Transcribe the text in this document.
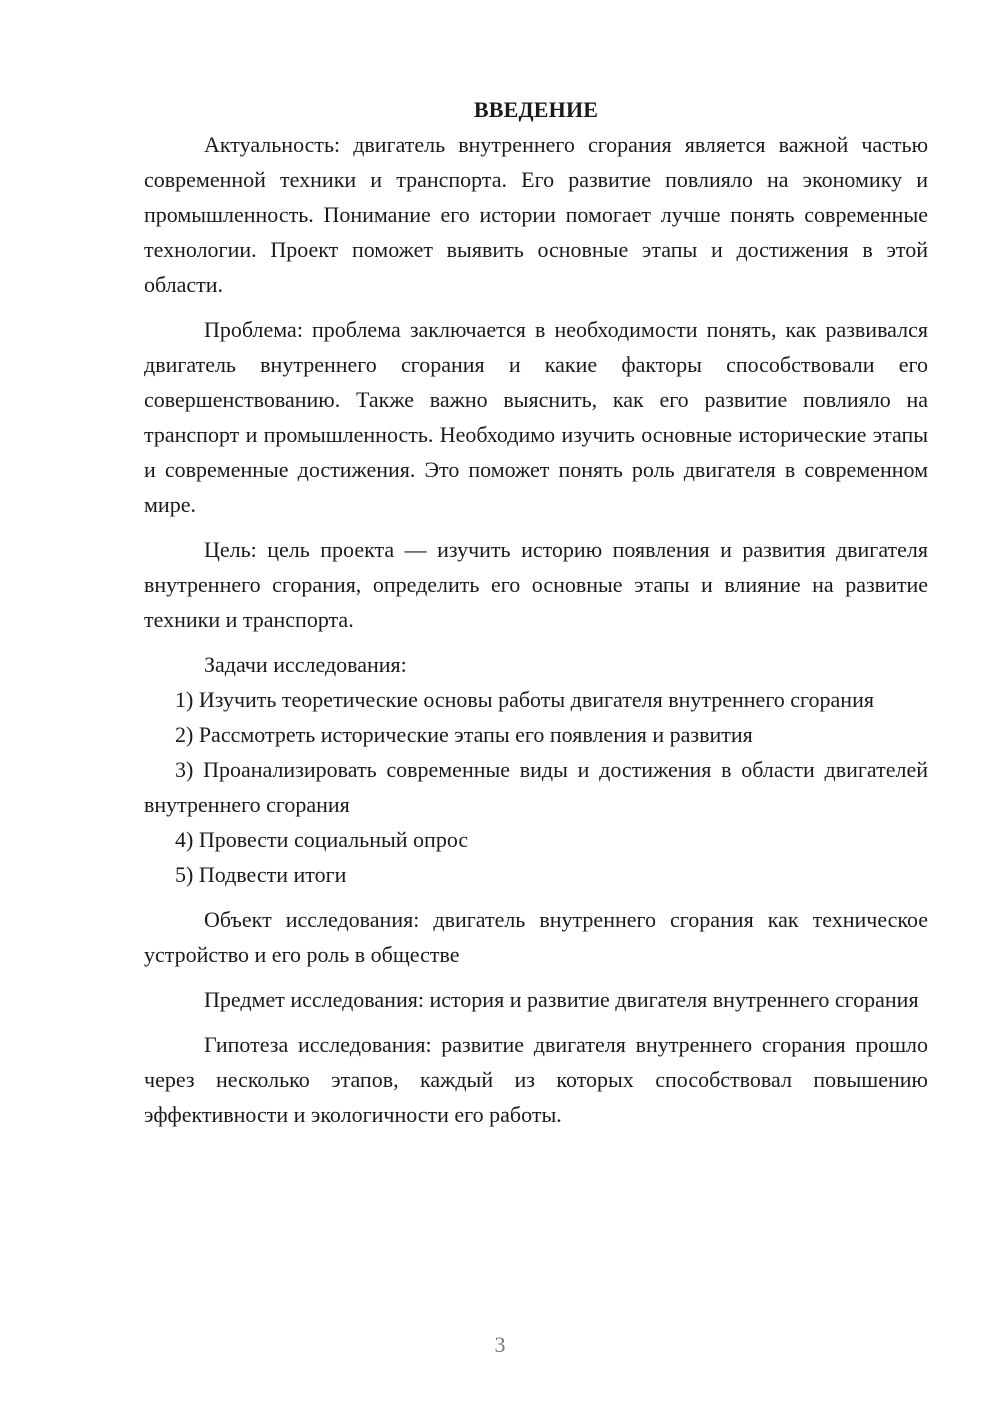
ВВЕДЕНИЕ

Актуальность: двигатель внутреннего сгорания является важной частью современной техники и транспорта. Его развитие повлияло на экономику и промышленность. Понимание его истории помогает лучше понять современные технологии. Проект поможет выявить основные этапы и достижения в этой области.

Проблема: проблема заключается в необходимости понять, как развивался двигатель внутреннего сгорания и какие факторы способствовали его совершенствованию. Также важно выяснить, как его развитие повлияло на транспорт и промышленность. Необходимо изучить основные исторические этапы и современные достижения. Это поможет понять роль двигателя в современном мире.

Цель: цель проекта — изучить историю появления и развития двигателя внутреннего сгорания, определить его основные этапы и влияние на развитие техники и транспорта.

Задачи исследования:

1) Изучить теоретические основы работы двигателя внутреннего сгорания

2) Рассмотреть исторические этапы его появления и развития

3) Проанализировать современные виды и достижения в области двигателей внутреннего сгорания

4) Провести социальный опрос

5) Подвести итоги

Объект исследования: двигатель внутреннего сгорания как техническое устройство и его роль в обществе

Предмет исследования: история и развитие двигателя внутреннего сгорания

Гипотеза исследования: развитие двигателя внутреннего сгорания прошло через несколько этапов, каждый из которых способствовал повышению эффективности и экологичности его работы.

3
